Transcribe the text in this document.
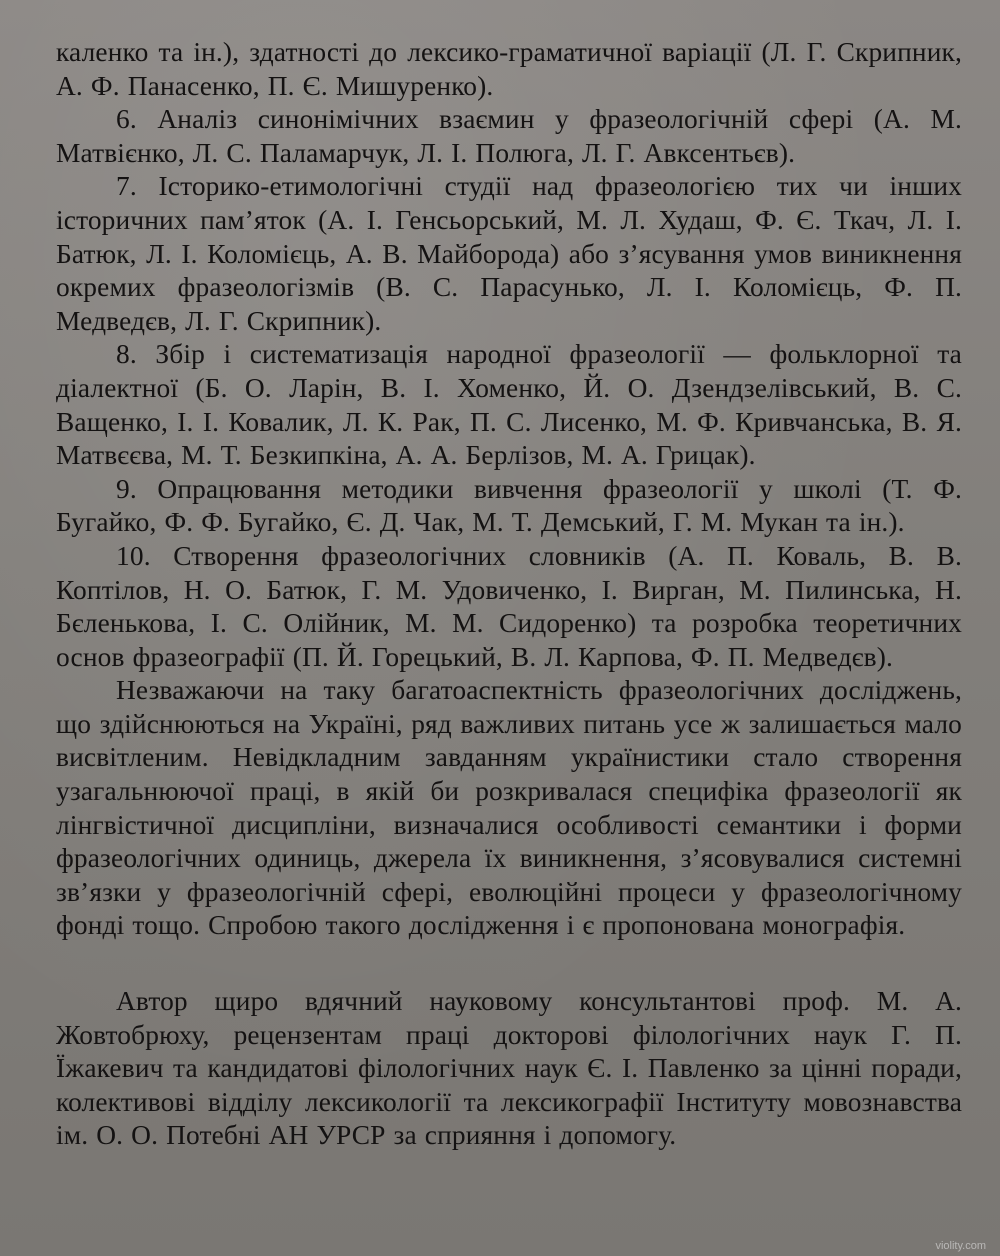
каленко та ін.), здатності до лексико-граматичної варіації (Л. Г. Скрипник, А. Ф. Панасенко, П. Є. Мишуренко).

6. Аналіз синонімічних взаємин у фразеологічній сфері (А. М. Матвієнко, Л. С. Паламарчук, Л. І. Полюга, Л. Г. Авксентьєв).

7. Історико-етимологічні студії над фразеологією тих чи інших історичних пам’яток (А. І. Генсьорський, М. Л. Худаш, Ф. Є. Ткач, Л. І. Батюк, Л. І. Коломієць, А. В. Майборода) або з’ясування умов виникнення окремих фразеологізмів (В. С. Парасунько, Л. І. Коломієць, Ф. П. Медведєв, Л. Г. Скрипник).

8. Збір і систематизація народної фразеології — фольклорної та діалектної (Б. О. Ларін, В. І. Хоменко, Й. О. Дзендзелівський, В. С. Ващенко, І. І. Ковалик, Л. К. Рак, П. С. Лисенко, М. Ф. Кривчанська, В. Я. Матвєєва, М. Т. Безкипкіна, А. А. Берлізов, М. А. Грицак).

9. Опрацювання методики вивчення фразеології у школі (Т. Ф. Бугайко, Ф. Ф. Бугайко, Є. Д. Чак, М. Т. Демський, Г. М. Мукан та ін.).

10. Створення фразеологічних словників (А. П. Коваль, В. В. Коптілов, Н. О. Батюк, Г. М. Удовиченко, І. Вирган, М. Пилинська, Н. Бєленькова, І. С. Олійник, М. М. Сидоренко) та розробка теоретичних основ фразеографії (П. Й. Горецький, В. Л. Карпова, Ф. П. Медведєв).

Незважаючи на таку багатоаспектність фразеологічних досліджень, що здійснюються на Україні, ряд важливих питань усе ж залишається мало висвітленим. Невідкладним завданням українистики стало створення узагальнюючої праці, в якій би розкривалася специфіка фразеології як лінгвістичної дисципліни, визначалися особливості семантики і форми фразеологічних одиниць, джерела їх виникнення, з’ясовувалися системні зв’язки у фразеологічній сфері, еволюційні процеси у фразеологічному фонді тощо. Спробою такого дослідження і є пропонована монографія.

Автор щиро вдячний науковому консультантові проф. М. А. Жовтобрюху, рецензентам праці докторові філологічних наук Г. П. Їжакевич та кандидатові філологічних наук Є. І. Павленко за цінні поради, колективові відділу лексикології та лексикографії Інституту мовознавства ім. О. О. Потебні АН УРСР за сприяння і допомогу.

violity.com
